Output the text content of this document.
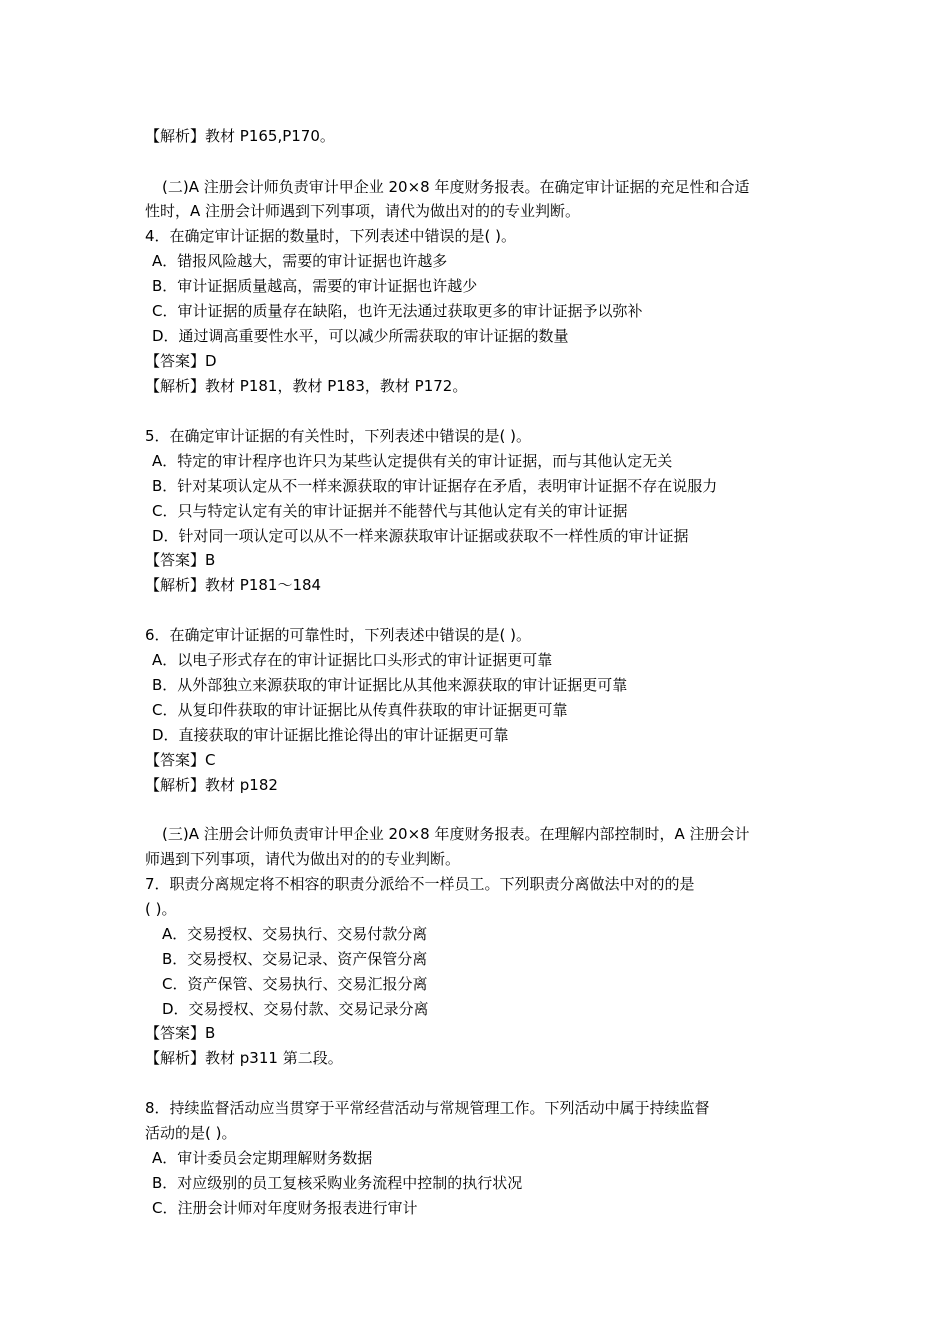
【解析】教材 P165,P170。
(二)A 注册会计师负责审计甲企业 20×8 年度财务报表。在确定审计证据的充足性和合适
性时，A 注册会计师遇到下列事项，请代为做出对的的专业判断。
4．在确定审计证据的数量时，下列表述中错误的是( )。
A．错报风险越大，需要的审计证据也许越多
B．审计证据质量越高，需要的审计证据也许越少
C．审计证据的质量存在缺陷，也许无法通过获取更多的审计证据予以弥补
D．通过调高重要性水平，可以减少所需获取的审计证据的数量
【答案】D
【解析】教材 P181，教材 P183，教材 P172。
5．在确定审计证据的有关性时，下列表述中错误的是( )。
A．特定的审计程序也许只为某些认定提供有关的审计证据，而与其他认定无关
B．针对某项认定从不一样来源获取的审计证据存在矛盾，表明审计证据不存在说服力
C．只与特定认定有关的审计证据并不能替代与其他认定有关的审计证据
D．针对同一项认定可以从不一样来源获取审计证据或获取不一样性质的审计证据
【答案】B
【解析】教材 P181～184
6．在确定审计证据的可靠性时，下列表述中错误的是( )。
A．以电子形式存在的审计证据比口头形式的审计证据更可靠
B．从外部独立来源获取的审计证据比从其他来源获取的审计证据更可靠
C．从复印件获取的审计证据比从传真件获取的审计证据更可靠
D．直接获取的审计证据比推论得出的审计证据更可靠
【答案】C
【解析】教材 p182
(三)A 注册会计师负责审计甲企业 20×8 年度财务报表。在理解内部控制时，A 注册会计
师遇到下列事项，请代为做出对的的专业判断。
7．职责分离规定将不相容的职责分派给不一样员工。下列职责分离做法中对的的是
( )。
A．交易授权、交易执行、交易付款分离
B．交易授权、交易记录、资产保管分离
C．资产保管、交易执行、交易汇报分离
D．交易授权、交易付款、交易记录分离
【答案】B
【解析】教材 p311 第二段。
8．持续监督活动应当贯穿于平常经营活动与常规管理工作。下列活动中属于持续监督
活动的是( )。
A．审计委员会定期理解财务数据
B．对应级别的员工复核采购业务流程中控制的执行状况
C．注册会计师对年度财务报表进行审计
